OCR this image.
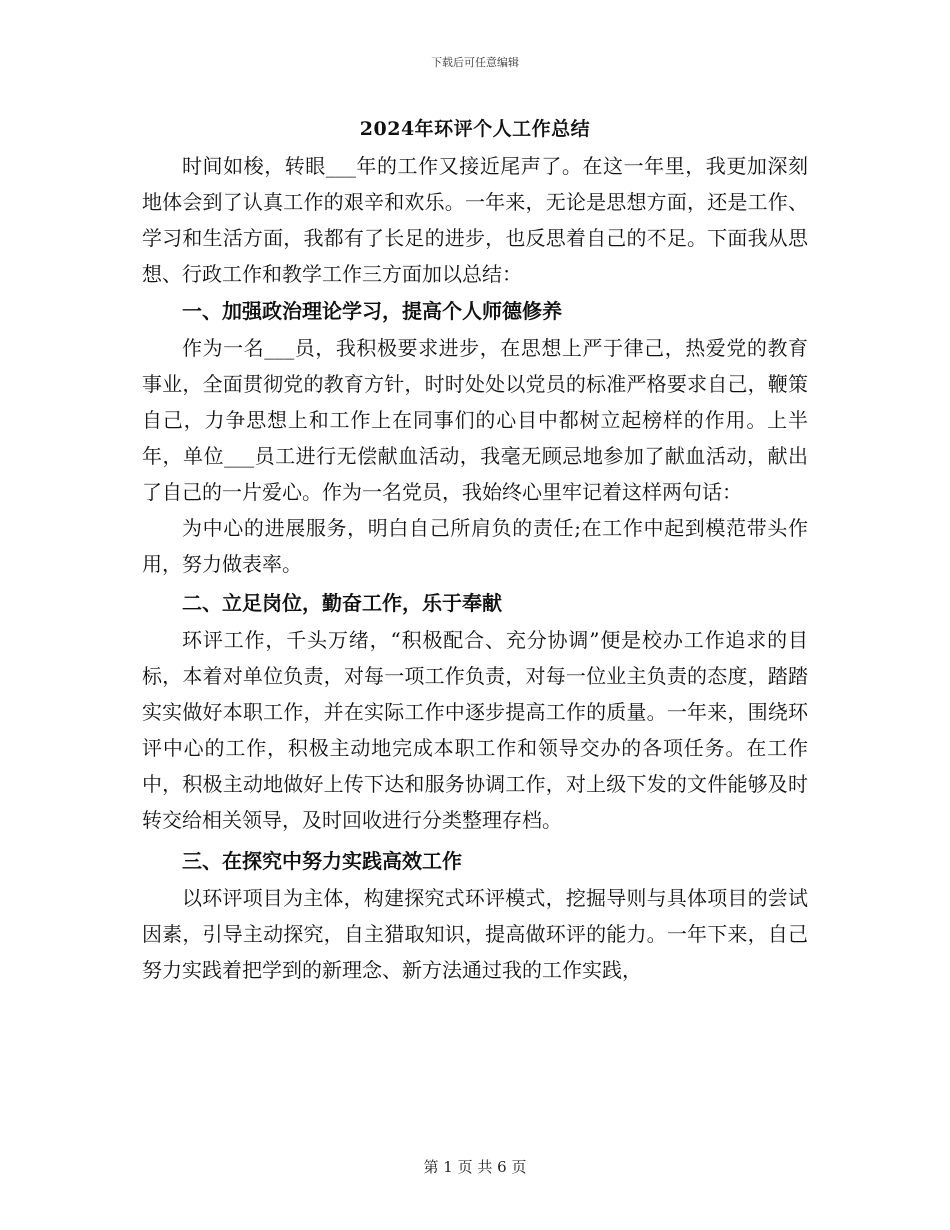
下载后可任意编辑
2024年环评个人工作总结

时间如梭，转眼___年的工作又接近尾声了。在这一年里，我更加深刻地体会到了认真工作的艰辛和欢乐。一年来，无论是思想方面，还是工作、学习和生活方面，我都有了长足的进步，也反思着自己的不足。下面我从思想、行政工作和教学工作三方面加以总结：

一、加强政治理论学习，提高个人师德修养

作为一名___员，我积极要求进步，在思想上严于律己，热爱党的教育事业，全面贯彻党的教育方针，时时处处以党员的标准严格要求自己，鞭策自己，力争思想上和工作上在同事们的心目中都树立起榜样的作用。上半年，单位___员工进行无偿献血活动，我毫无顾忌地参加了献血活动，献出了自己的一片爱心。作为一名党员，我始终心里牢记着这样两句话：

为中心的进展服务，明白自己所肩负的责任;在工作中起到模范带头作用，努力做表率。

二、立足岗位，勤奋工作，乐于奉献

环评工作，千头万绪，“积极配合、充分协调”便是校办工作追求的目标，本着对单位负责，对每一项工作负责，对每一位业主负责的态度，踏踏实实做好本职工作，并在实际工作中逐步提高工作的质量。一年来，围绕环评中心的工作，积极主动地完成本职工作和领导交办的各项任务。在工作中，积极主动地做好上传下达和服务协调工作，对上级下发的文件能够及时转交给相关领导，及时回收进行分类整理存档。

三、在探究中努力实践高效工作

以环评项目为主体，构建探究式环评模式，挖掘导则与具体项目的尝试因素，引导主动探究，自主猎取知识，提高做环评的能力。一年下来，自己努力实践着把学到的新理念、新方法通过我的工作实践，

第 1 页 共 6 页
